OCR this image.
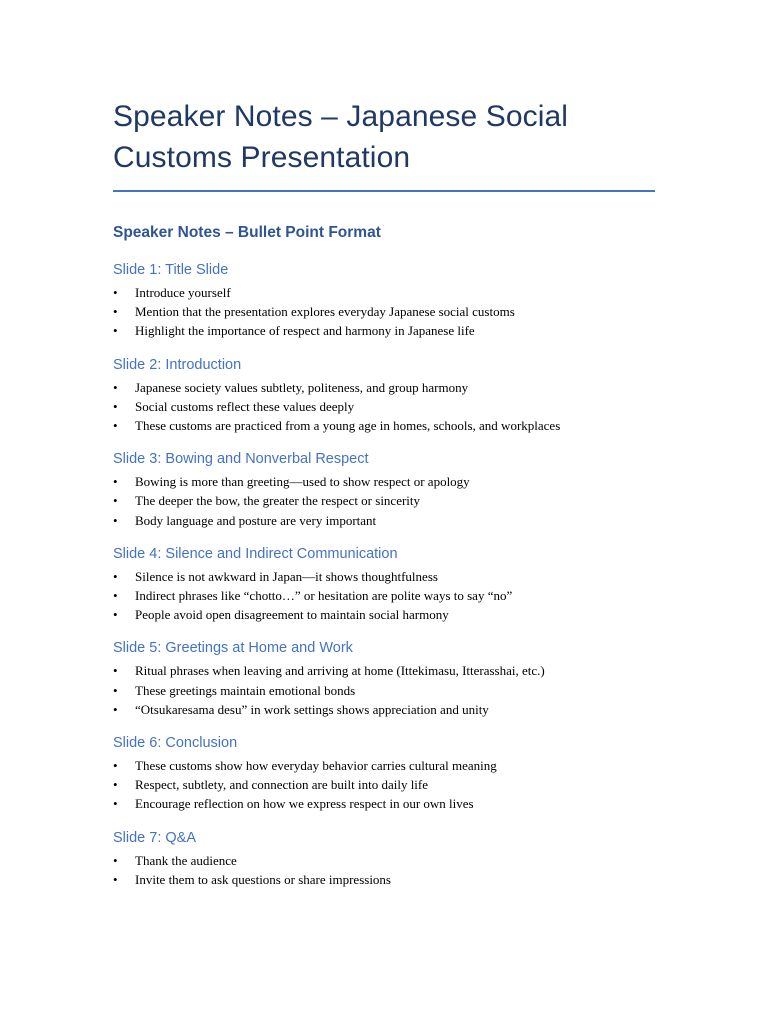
Speaker Notes – Japanese Social Customs Presentation
Speaker Notes – Bullet Point Format
Slide 1: Title Slide
• Introduce yourself
• Mention that the presentation explores everyday Japanese social customs
• Highlight the importance of respect and harmony in Japanese life
Slide 2: Introduction
• Japanese society values subtlety, politeness, and group harmony
• Social customs reflect these values deeply
• These customs are practiced from a young age in homes, schools, and workplaces
Slide 3: Bowing and Nonverbal Respect
• Bowing is more than greeting—used to show respect or apology
• The deeper the bow, the greater the respect or sincerity
• Body language and posture are very important
Slide 4: Silence and Indirect Communication
• Silence is not awkward in Japan—it shows thoughtfulness
• Indirect phrases like “chotto…” or hesitation are polite ways to say “no”
• People avoid open disagreement to maintain social harmony
Slide 5: Greetings at Home and Work
• Ritual phrases when leaving and arriving at home (Ittekimasu, Itterasshai, etc.)
• These greetings maintain emotional bonds
• “Otsukaresama desu” in work settings shows appreciation and unity
Slide 6: Conclusion
• These customs show how everyday behavior carries cultural meaning
• Respect, subtlety, and connection are built into daily life
• Encourage reflection on how we express respect in our own lives
Slide 7: Q&A
• Thank the audience
• Invite them to ask questions or share impressions
